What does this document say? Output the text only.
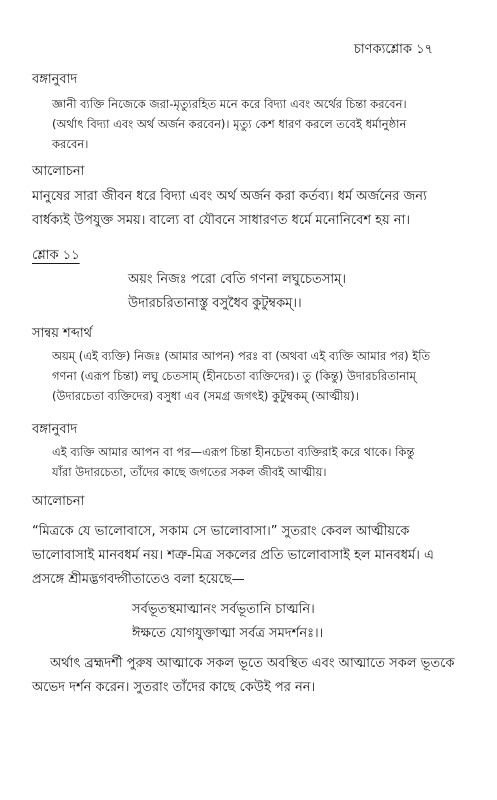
চাণক্যশ্লোক ১৭

বঙ্গানুবাদ

জ্ঞানী ব্যক্তি নিজেকে জরা-মৃত্যুরহিত মনে করে বিদ্যা এবং অর্থের চিন্তা করবেন।
(অর্থাৎ বিদ্যা এবং অর্থ অর্জন করবেন)। মৃত্যু কেশ ধারণ করলে তবেই ধর্মানুষ্ঠান
করবেন।

আলোচনা

মানুষের সারা জীবন ধরে বিদ্যা এবং অর্থ অর্জন করা কর্তব্য। ধর্ম অর্জনের জন্য
বার্ধক্যই উপযুক্ত সময়। বাল্যে বা যৌবনে সাধারণত ধর্মে মনোনিবেশ হয় না।

শ্লোক ১১

অয়ং নিজঃ পরো বেতি গণনা লঘুচেতসাম্‌।
উদারচরিতানাস্তু বসুধৈব কুটুম্বকম্‌।।

সান্বয় শব্দার্থ

অয়ম্‌ (এই ব্যক্তি) নিজঃ (আমার আপন) পরঃ বা (অথবা এই ব্যক্তি আমার পর) ইতি
গণনা (এরূপ চিন্তা) লঘু চেতসাম্‌ (হীনচেতা ব্যক্তিদের)। তু (কিন্তু) উদারচরিতানাম্‌
(উদারচেতা ব্যক্তিদের) বসুধা এব (সমগ্র জগৎই) কুটুম্বকম্‌ (আত্মীয়)।

বঙ্গানুবাদ

এই ব্যক্তি আমার আপন বা পর—এরূপ চিন্তা হীনচেতা ব্যক্তিরাই করে থাকে। কিন্তু
যাঁরা উদারচেতা, তাঁদের কাছে জগতের সকল জীবই আত্মীয়।

আলোচনা

“মিত্রকে যে ভালোবাসে, সকাম সে ভালোবাসা।” সুতরাং কেবল আত্মীয়কে
ভালোবাসাই মানবধর্ম নয়। শত্রু-মিত্র সকলের প্রতি ভালোবাসাই হল মানবধর্ম। এ
প্রসঙ্গে শ্রীমদ্ভগবদ্গীতাতেও বলা হয়েছে—

সর্বভূতস্থমাত্মানং সর্বভূতানি চাত্মনি।
ঈক্ষতে যোগযুক্তাত্মা সর্বত্র সমদর্শনঃ।।

অর্থাৎ ব্রহ্মদর্শী পুরুষ আত্মাকে সকল ভূতে অবস্থিত এবং আত্মাতে সকল ভূতকে
অভেদ দর্শন করেন। সুতরাং তাঁদের কাছে কেউই পর নন।
